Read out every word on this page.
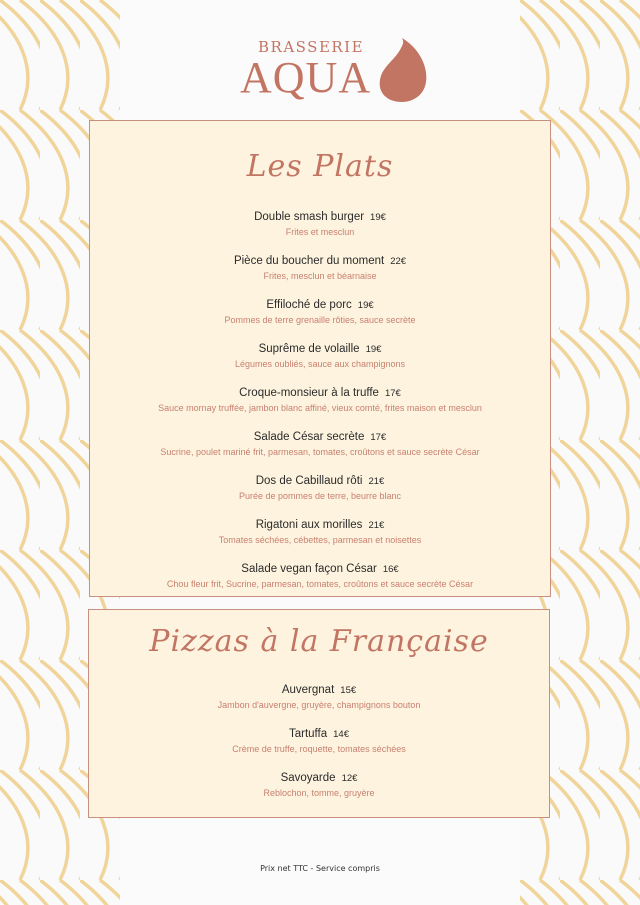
BRASSERIE
AQUA
Les Plats
Double smash burger 19€
Frites et mesclun
Pièce du boucher du moment 22€
Frites, mesclun et béarnaise
Effiloché de porc 19€
Pommes de terre grenaille rôties, sauce secrète
Suprême de volaille 19€
Légumes oubliés, sauce aux champignons
Croque-monsieur à la truffe 17€
Sauce mornay truffée, jambon blanc affiné, vieux comté, frites maison et mesclun
Salade César secrète 17€
Sucrine, poulet mariné frit, parmesan, tomates, croûtons et sauce secrète César
Dos de Cabillaud rôti 21€
Purée de pommes de terre, beurre blanc
Rigatoni aux morilles 21€
Tomates séchées, cébettes, parmesan et noisettes
Salade vegan façon César 16€
Chou fleur frit, Sucrine, parmesan, tomates, croûtons et sauce secrète César
Pizzas à la Française
Auvergnat 15€
Jambon d'auvergne, gruyère, champignons bouton
Tartuffa 14€
Crème de truffe, roquette, tomates séchées
Savoyarde 12€
Reblochon, tomme, gruyère
Prix net TTC - Service compris
